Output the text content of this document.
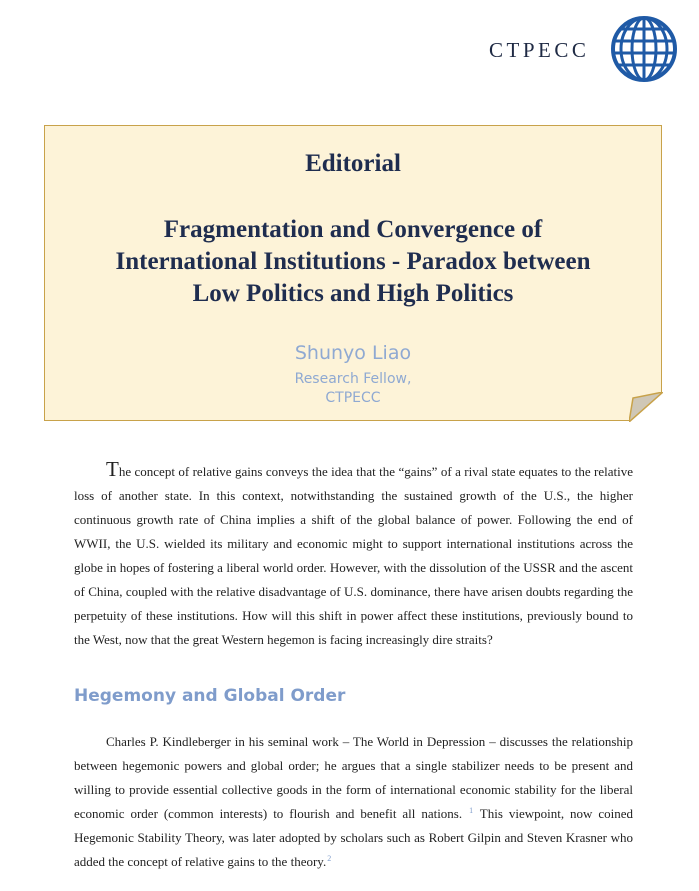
CTPECC
Editorial
Fragmentation and Convergence of
International Institutions - Paradox between
Low Politics and High Politics
Shunyo Liao
Research Fellow,
CTPECC

The concept of relative gains conveys the idea that the “gains” of a rival state equates to the relative loss of another state. In this context, notwithstanding the sustained growth of the U.S., the higher continuous growth rate of China implies a shift of the global balance of power. Following the end of WWII, the U.S. wielded its military and economic might to support international institutions across the globe in hopes of fostering a liberal world order. However, with the dissolution of the USSR and the ascent of China, coupled with the relative disadvantage of U.S. dominance, there have arisen doubts regarding the perpetuity of these institutions. How will this shift in power affect these institutions, previously bound to the West, now that the great Western hegemon is facing increasingly dire straits?

Hegemony and Global Order

Charles P. Kindleberger in his seminal work – The World in Depression – discusses the relationship between hegemonic powers and global order; he argues that a single stabilizer needs to be present and willing to provide essential collective goods in the form of international economic stability for the liberal economic order (common interests) to flourish and benefit all nations. $^1$ This viewpoint, now coined Hegemonic Stability Theory, was later adopted by scholars such as Robert Gilpin and Steven Krasner who added the concept of relative gains to the theory.$^2$
